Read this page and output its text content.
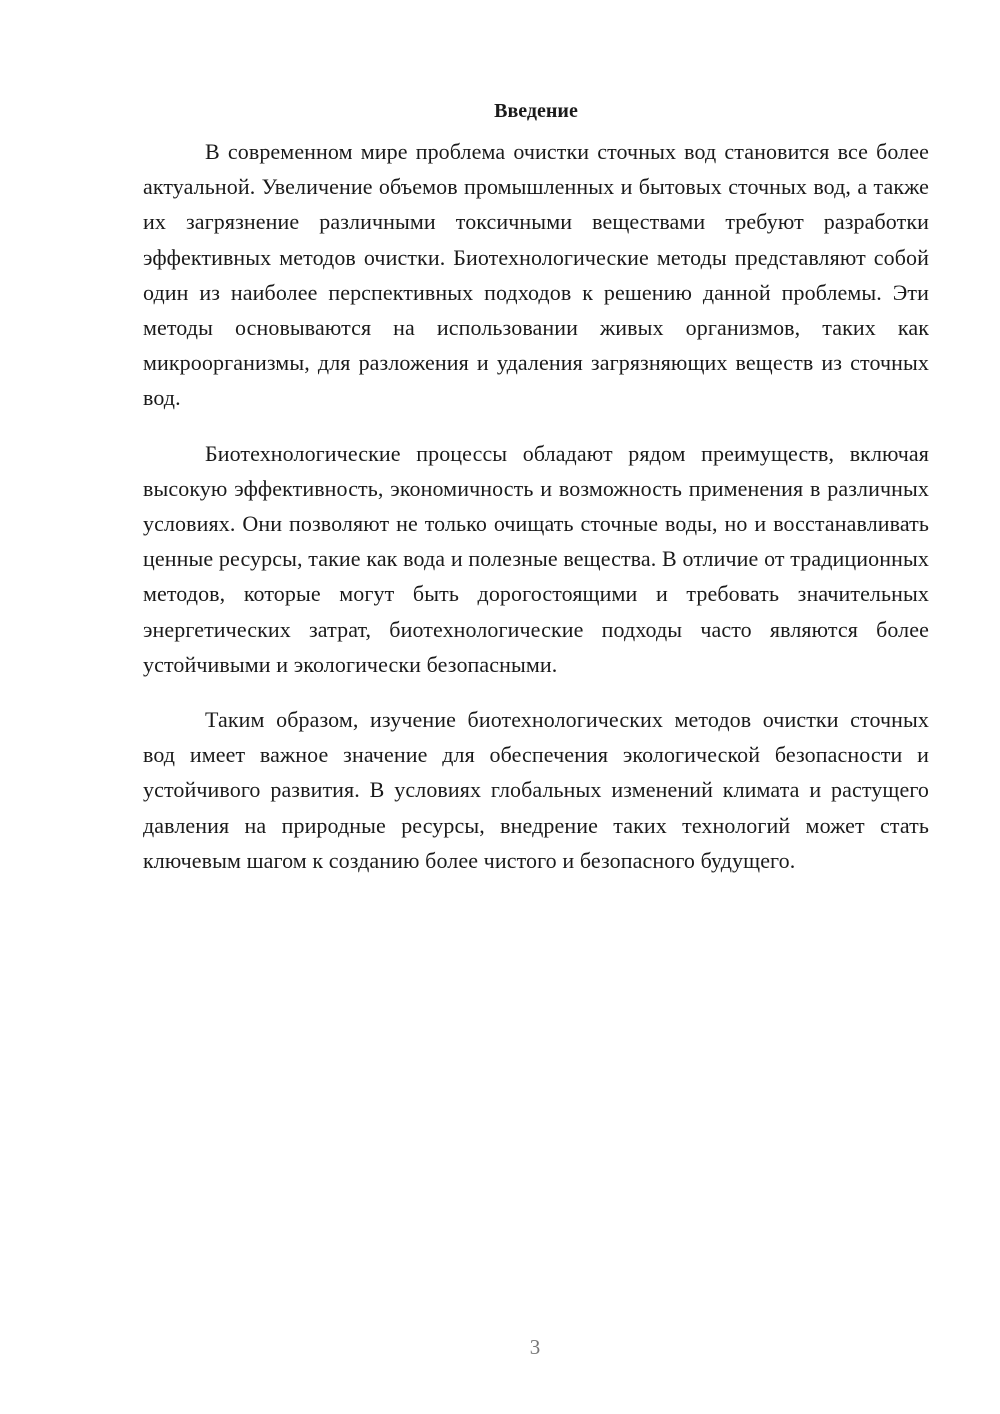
Введение

В современном мире проблема очистки сточных вод становится все более актуальной. Увеличение объемов промышленных и бытовых сточных вод, а также их загрязнение различными токсичными веществами требуют разработки эффективных методов очистки. Биотехнологические методы представляют собой один из наиболее перспективных подходов к решению данной проблемы. Эти методы основываются на использовании живых организмов, таких как микроорганизмы, для разложения и удаления загрязняющих веществ из сточных вод.

Биотехнологические процессы обладают рядом преимуществ, включая высокую эффективность, экономичность и возможность применения в различных условиях. Они позволяют не только очищать сточные воды, но и восстанавливать ценные ресурсы, такие как вода и полезные вещества. В отличие от традиционных методов, которые могут быть дорогостоящими и требовать значительных энергетических затрат, биотехнологические подходы часто являются более устойчивыми и экологически безопасными.

Таким образом, изучение биотехнологических методов очистки сточных вод имеет важное значение для обеспечения экологической безопасности и устойчивого развития. В условиях глобальных изменений климата и растущего давления на природные ресурсы, внедрение таких технологий может стать ключевым шагом к созданию более чистого и безопасного будущего.

3
